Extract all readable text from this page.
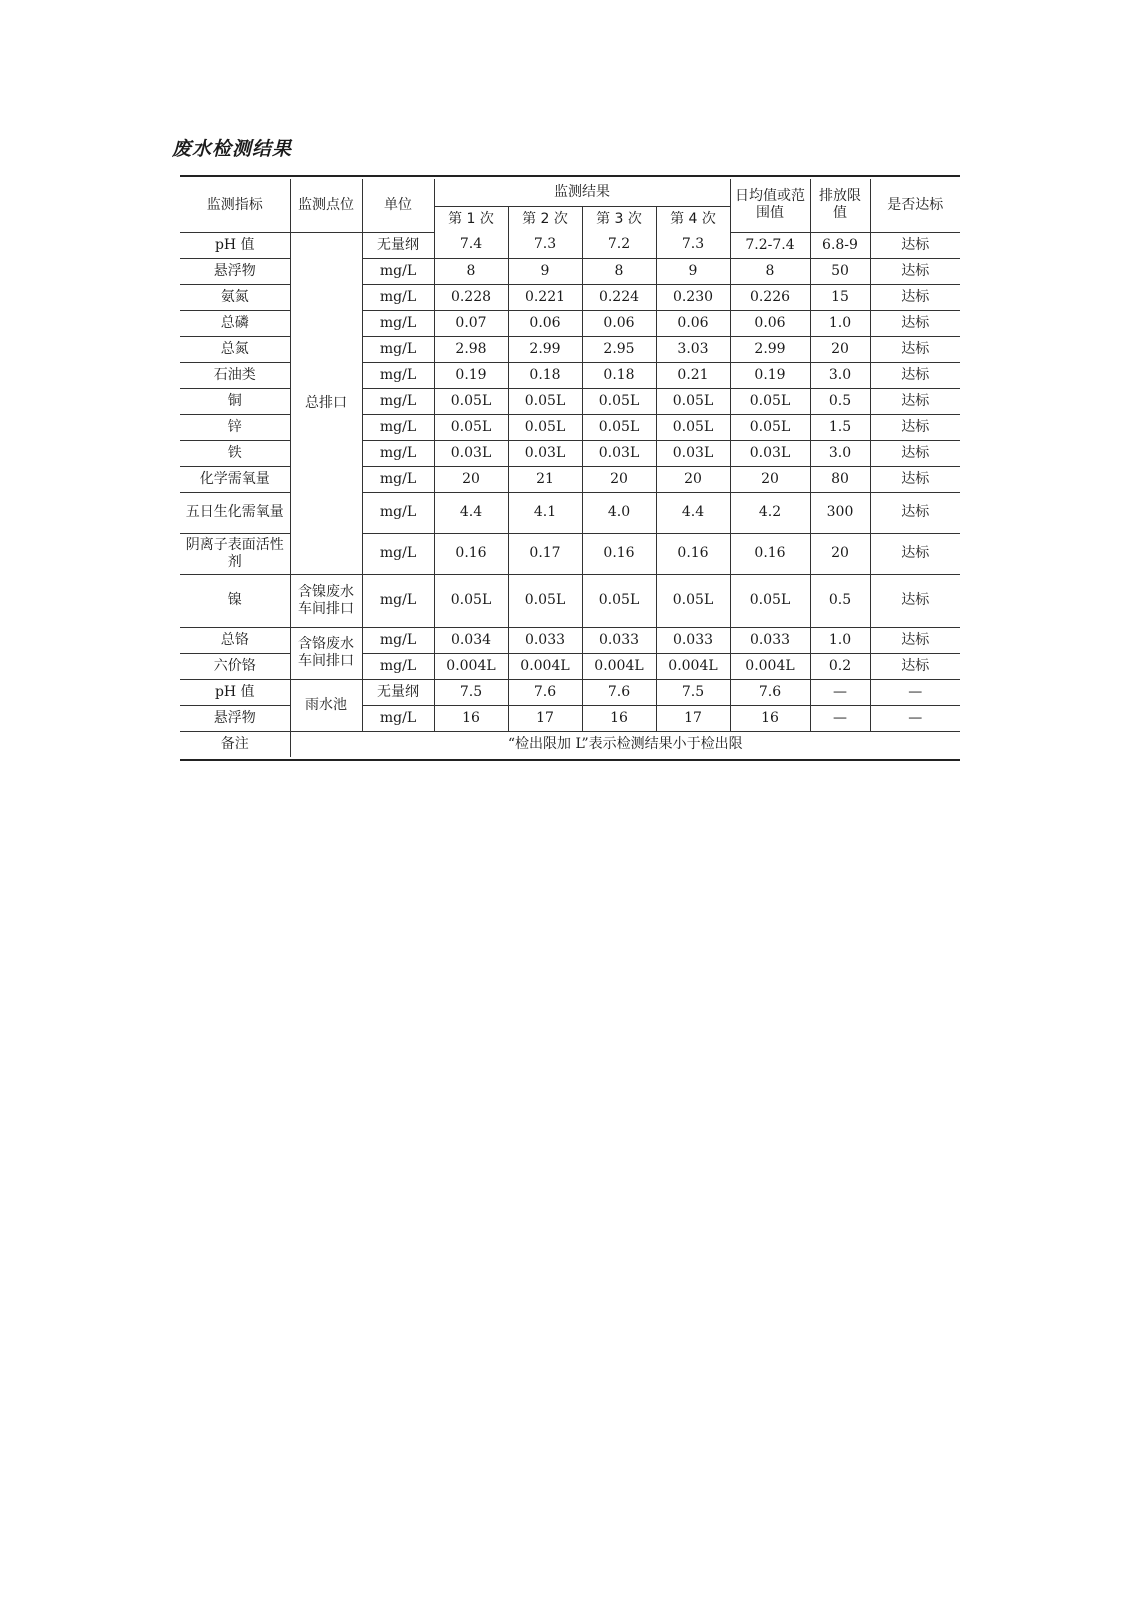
废水检测结果
监测指标	监测点位	单位	监测结果				日均值或范围值	排放限值	是否达标
			第 1 次	第 2 次	第 3 次	第 4 次			
pH 值	总排口	无量纲	7.4	7.3	7.2	7.3	7.2-7.4	6.8-9	达标
悬浮物		mg/L	8	9	8	9	8	50	达标
氨氮		mg/L	0.228	0.221	0.224	0.230	0.226	15	达标
总磷		mg/L	0.07	0.06	0.06	0.06	0.06	1.0	达标
总氮		mg/L	2.98	2.99	2.95	3.03	2.99	20	达标
石油类		mg/L	0.19	0.18	0.18	0.21	0.19	3.0	达标
铜		mg/L	0.05L	0.05L	0.05L	0.05L	0.05L	0.5	达标
锌		mg/L	0.05L	0.05L	0.05L	0.05L	0.05L	1.5	达标
铁		mg/L	0.03L	0.03L	0.03L	0.03L	0.03L	3.0	达标
化学需氧量		mg/L	20	21	20	20	20	80	达标
五日生化需氧量		mg/L	4.4	4.1	4.0	4.4	4.2	300	达标
阴离子表面活性剂		mg/L	0.16	0.17	0.16	0.16	0.16	20	达标
镍	含镍废水车间排口	mg/L	0.05L	0.05L	0.05L	0.05L	0.05L	0.5	达标
总铬	含铬废水车间排口	mg/L	0.034	0.033	0.033	0.033	0.033	1.0	达标
六价铬		mg/L	0.004L	0.004L	0.004L	0.004L	0.004L	0.2	达标
pH 值	雨水池	无量纲	7.5	7.6	7.6	7.5	7.6	—	—
悬浮物		mg/L	16	17	16	17	16	—	—
备注	“检出限加 L”表示检测结果小于检出限								
